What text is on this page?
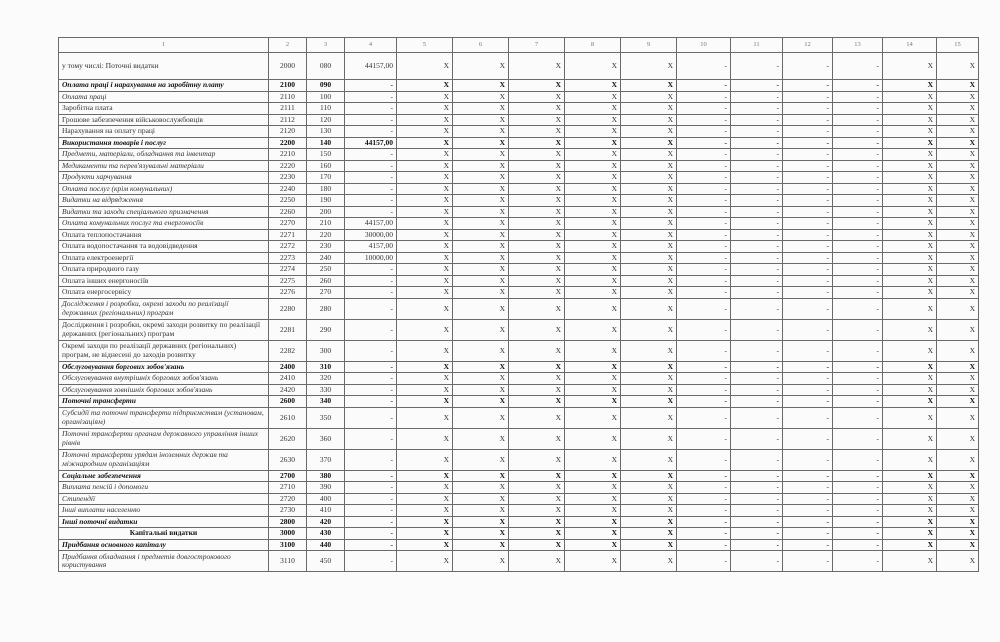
1	2	3	4	5	6	7	8	9	10	11	12	13	14	15
у тому числі: Поточні видатки	2000	080	44157,00	X	X	X	X	X	-	-	-	-	X	X
Оплата праці і нарахування на заробітну плату	2100	090	-	X	X	X	X	X	-	-	-	-	X	X
Оплата праці	2110	100	-	X	X	X	X	X	-	-	-	-	X	X
Заробітна плата	2111	110	-	X	X	X	X	X	-	-	-	-	X	X
Грошове забезпечення військовослужбовців	2112	120	-	X	X	X	X	X	-	-	-	-	X	X
Нарахування на оплату праці	2120	130	-	X	X	X	X	X	-	-	-	-	X	X
Використання товарів і послуг	2200	140	44157,00	X	X	X	X	X	-	-	-	-	X	X
Предмети, матеріали, обладнання та інвентар	2210	150	-	X	X	X	X	X	-	-	-	-	X	X
Медикаменти та перев'язувальні матеріали	2220	160	-	X	X	X	X	X	-	-	-	-	X	X
Продукти харчування	2230	170	-	X	X	X	X	X	-	-	-	-	X	X
Оплата послуг (крім комунальних)	2240	180	-	X	X	X	X	X	-	-	-	-	X	X
Видатки на відрядження	2250	190	-	X	X	X	X	X	-	-	-	-	X	X
Видатки та заходи спеціального призначення	2260	200	-	X	X	X	X	X	-	-	-	-	X	X
Оплата комунальних послуг та енергоносіїв	2270	210	44157,00	X	X	X	X	X	-	-	-	-	X	X
Оплата теплопостачання	2271	220	30000,00	X	X	X	X	X	-	-	-	-	X	X
Оплата водопостачання та водовідведення	2272	230	4157,00	X	X	X	X	X	-	-	-	-	X	X
Оплата електроенергії	2273	240	10000,00	X	X	X	X	X	-	-	-	-	X	X
Оплата природного газу	2274	250	-	X	X	X	X	X	-	-	-	-	X	X
Оплата інших енергоносіїв	2275	260	-	X	X	X	X	X	-	-	-	-	X	X
Оплата енергосервісу	2276	270	-	X	X	X	X	X	-	-	-	-	X	X
Дослідження і розробки, окремі заходи по реалізації державних (регіональних) програм	2280	280	-	X	X	X	X	X	-	-	-	-	X	X
Дослідження і розробки, окремі заходи розвитку по реалізації державних (регіональних) програм	2281	290	-	X	X	X	X	X	-	-	-	-	X	X
Окремі заходи по реалізації державних (регіональних) програм, не віднесені до заходів розвитку	2282	300	-	X	X	X	X	X	-	-	-	-	X	X
Обслуговування боргових зобов'язань	2400	310	-	X	X	X	X	X	-	-	-	-	X	X
Обслуговування внутрішніх боргових зобов'язань	2410	320	-	X	X	X	X	X	-	-	-	-	X	X
Обслуговування зовнішніх боргових зобов'язань	2420	330	-	X	X	X	X	X	-	-	-	-	X	X
Поточні трансферти	2600	340	-	X	X	X	X	X	-	-	-	-	X	X
Субсидії та поточні трансферти підприємствам (установам, організаціям)	2610	350	-	X	X	X	X	X	-	-	-	-	X	X
Поточні трансферти органам державного управління інших рівнів	2620	360	-	X	X	X	X	X	-	-	-	-	X	X
Поточні трансферти урядам іноземних держав та міжнародним організаціям	2630	370	-	X	X	X	X	X	-	-	-	-	X	X
Соціальне забезпечення	2700	380	-	X	X	X	X	X	-	-	-	-	X	X
Виплата пенсій і допомоги	2710	390	-	X	X	X	X	X	-	-	-	-	X	X
Стипендії	2720	400	-	X	X	X	X	X	-	-	-	-	X	X
Інші виплати населенню	2730	410	-	X	X	X	X	X	-	-	-	-	X	X
Інші поточні видатки	2800	420	-	X	X	X	X	X	-	-	-	-	X	X
Капітальні видатки	3000	430	-	X	X	X	X	X	-	-	-	-	X	X
Придбання основного капіталу	3100	440	-	X	X	X	X	X	-	-	-	-	X	X
Придбання обладнання і предметів довгострокового користування	3110	450	-	X	X	X	X	X	-	-	-	-	X	X
